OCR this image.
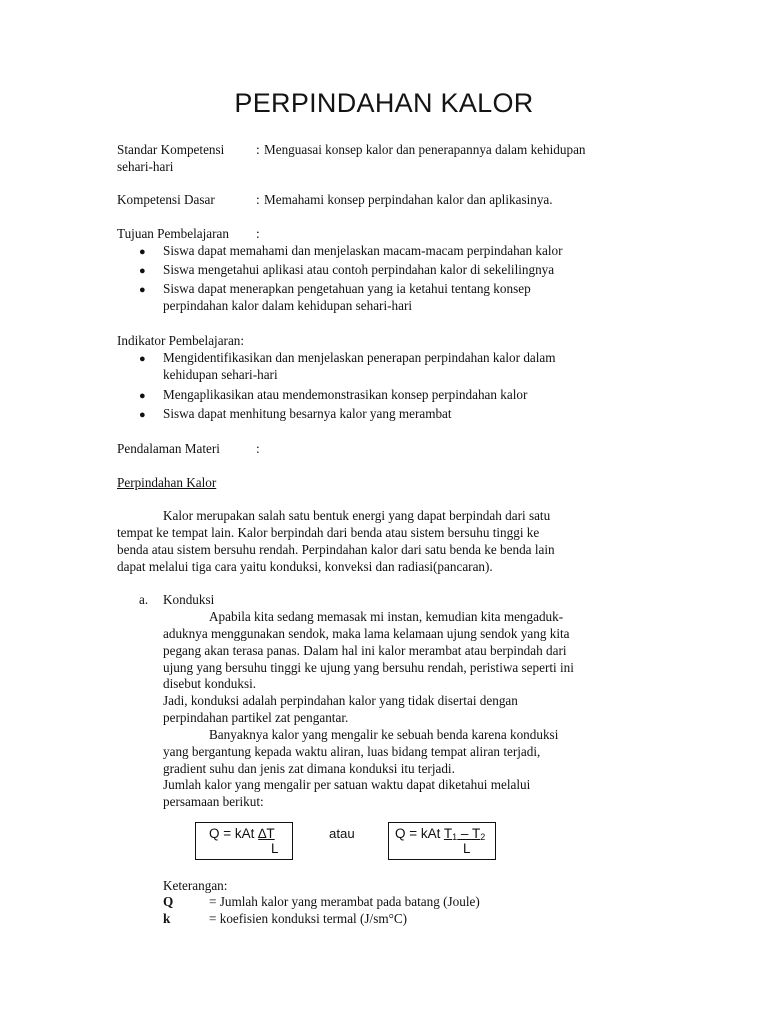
PERPINDAHAN KALOR
Standar Kompetensi : Menguasai konsep kalor dan penerapannya dalam kehidupan
sehari-hari
Kompetensi Dasar	: Memahami konsep perpindahan kalor dan aplikasinya.
Tujuan Pembelajaran :
●
Siswa dapat memahami dan menjelaskan macam-macam perpindahan kalor
●
Siswa mengetahui aplikasi atau contoh perpindahan kalor di sekelilingnya
●
Siswa dapat menerapkan pengetahuan yang ia ketahui tentang konsep
perpindahan kalor dalam kehidupan sehari-hari
Indikator Pembelajaran:
●
Mengidentifikasikan dan menjelaskan penerapan perpindahan kalor dalam
kehidupan sehari-hari
●
Mengaplikasikan atau mendemonstrasikan konsep perpindahan kalor
●
Siswa dapat menhitung besarnya kalor yang merambat
Pendalaman Materi	:
Perpindahan Kalor
Kalor merupakan salah satu bentuk energi yang dapat berpindah dari satu
tempat ke tempat lain. Kalor berpindah dari benda atau sistem bersuhu tinggi ke
benda atau sistem bersuhu rendah. Perpindahan kalor dari satu benda ke benda lain
dapat melalui tiga cara yaitu konduksi, konveksi dan radiasi(pancaran).
a. Konduksi
Apabila kita sedang memasak mi instan, kemudian kita mengaduk-
aduknya menggunakan sendok, maka lama kelamaan ujung sendok yang kita
pegang akan terasa panas. Dalam hal ini kalor merambat atau berpindah dari
ujung yang bersuhu tinggi ke ujung yang bersuhu rendah, peristiwa seperti ini
disebut konduksi.
Jadi, konduksi adalah perpindahan kalor yang tidak disertai dengan
perpindahan partikel zat pengantar.
Banyaknya kalor yang mengalir ke sebuah benda karena konduksi
yang bergantung kepada waktu aliran, luas bidang tempat aliran terjadi,
gradient suhu dan jenis zat dimana konduksi itu terjadi.
Jumlah kalor yang mengalir per satuan waktu dapat diketahui melalui
persamaan berikut:
Q = kAt ∆T
L
atau	Q = kAt $T_1 - T_2$
L
Keterangan:
Q	= Jumlah kalor yang merambat pada batang (Joule)
k	= koefisien konduksi termal (J/sm°C)
